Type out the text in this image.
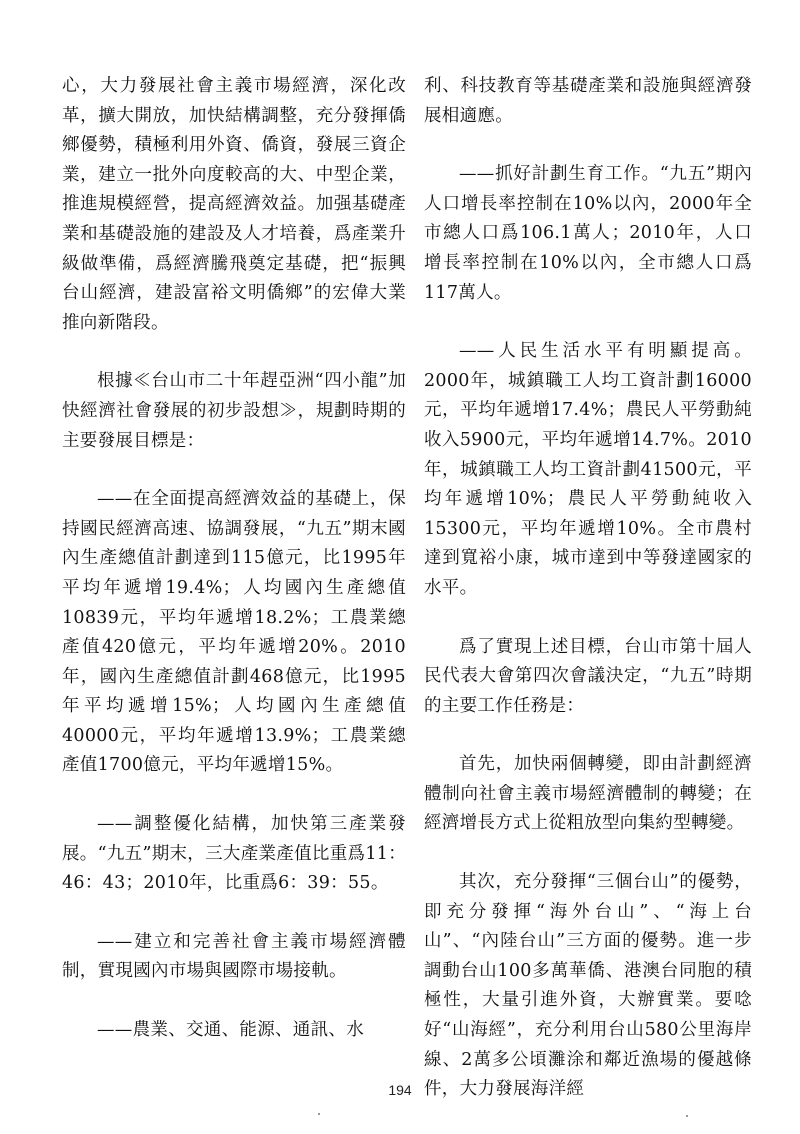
心，大力發展社會主義市場經濟，深化改革，擴大開放，加快結構調整，充分發揮僑鄉優勢，積極利用外資、僑資，發展三資企業，建立一批外向度較高的大、中型企業，推進規模經營，提高經濟效益。加强基礎產業和基礎設施的建設及人才培養，爲產業升級做準備，爲經濟騰飛奠定基礎，把“振興台山經濟，建設富裕文明僑鄉”的宏偉大業推向新階段。

根據≪台山市二十年趕亞洲“四小龍”加快經濟社會發展的初步設想≫，規劃時期的主要發展目標是：

——在全面提高經濟效益的基礎上，保持國民經濟高速、協調發展，“九五”期末國內生產總值計劃達到115億元，比1995年平均年遞增19.4%；人均國內生產總值10839元，平均年遞增18.2%；工農業總產值420億元，平均年遞增20%。2010年，國內生產總值計劃468億元，比1995年平均遞增15%；人均國內生產總值40000元，平均年遞增13.9%；工農業總產值1700億元，平均年遞增15%。

——調整優化結構，加快第三產業發展。“九五”期末，三大產業產值比重爲11：46：43；2010年，比重爲6：39：55。

——建立和完善社會主義市場經濟體制，實現國內市場與國際市場接軌。

——農業、交通、能源、通訊、水

利、科技教育等基礎產業和設施與經濟發展相適應。

——抓好計劃生育工作。“九五”期內人口增長率控制在10%以內，2000年全市總人口爲106.1萬人；2010年，人口增長率控制在10%以內，全市總人口爲117萬人。

——人民生活水平有明顯提高。2000年，城鎮職工人均工資計劃16000元，平均年遞增17.4%；農民人平勞動純收入5900元，平均年遞增14.7%。2010年，城鎮職工人均工資計劃41500元，平均年遞增10%；農民人平勞動純收入15300元，平均年遞增10%。全市農村達到寬裕小康，城市達到中等發達國家的水平。

爲了實現上述目標，台山市第十屆人民代表大會第四次會議決定，“九五”時期的主要工作任務是：

首先，加快兩個轉變，即由計劃經濟體制向社會主義市場經濟體制的轉變；在經濟增長方式上從粗放型向集約型轉變。

其次，充分發揮“三個台山”的優勢，即充分發揮“海外台山”、“海上台山”、“內陸台山”三方面的優勢。進一步調動台山100多萬華僑、港澳台同胞的積極性，大量引進外資，大辦實業。要唸好“山海經”，充分利用台山580公里海岸線、2萬多公頃灘涂和鄰近漁場的優越條件，大力發展海洋經

194
